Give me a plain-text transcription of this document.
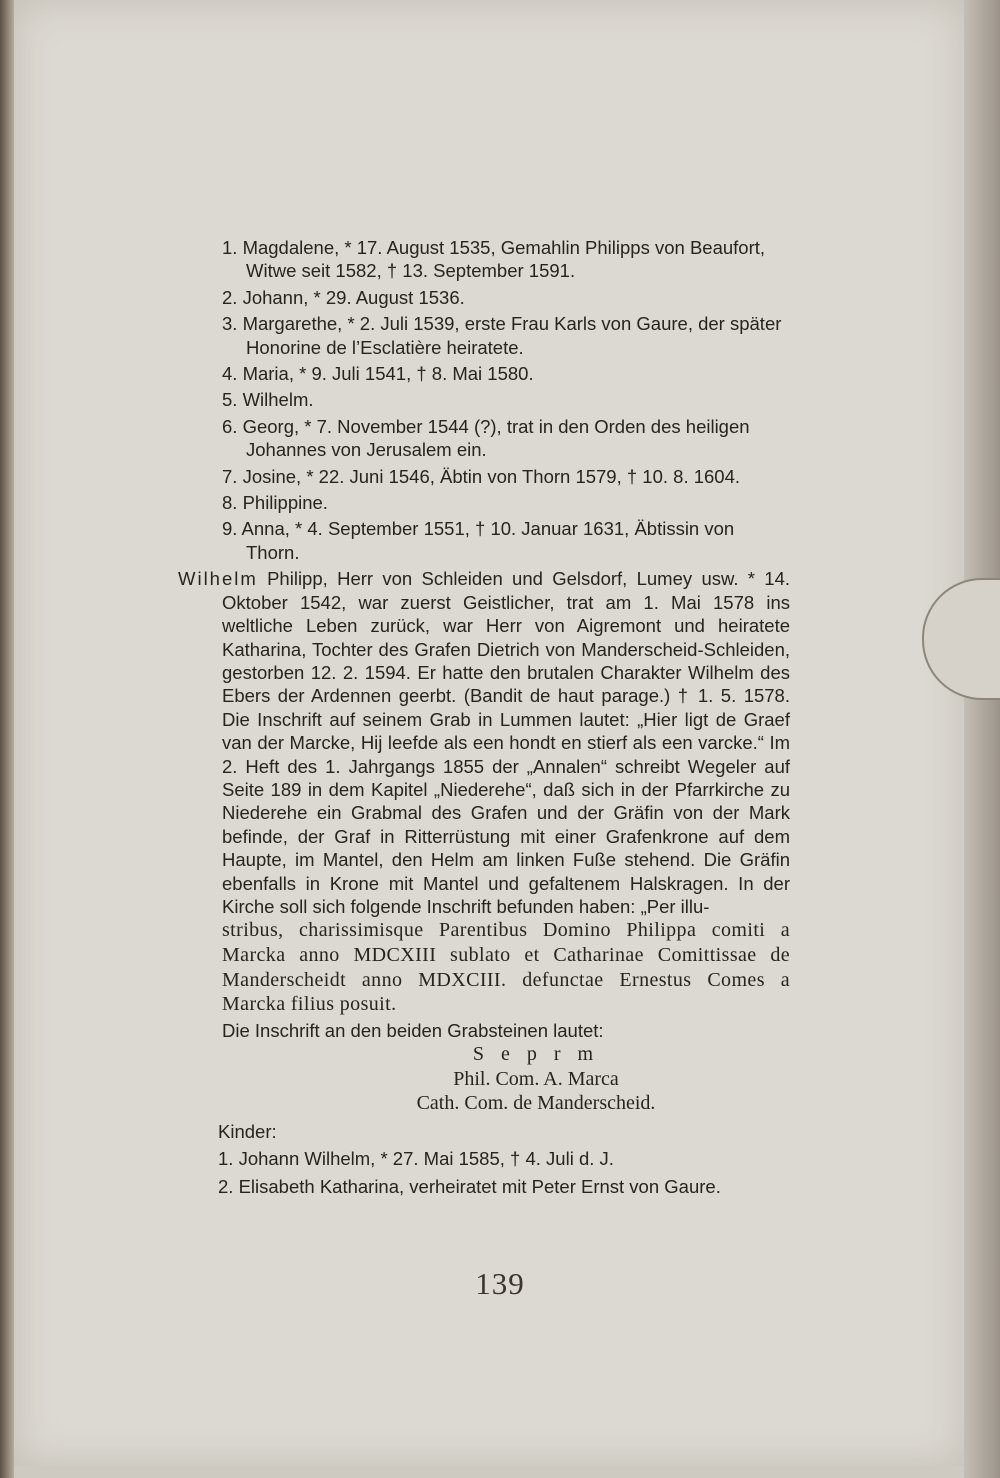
1. Magdalene, * 17. August 1535, Gemahlin Philipps von Beaufort, Witwe seit 1582, † 13. September 1591.
2. Johann, * 29. August 1536.
3. Margarethe, * 2. Juli 1539, erste Frau Karls von Gaure, der später Honorine de l’Esclatière heiratete.
4. Maria, * 9. Juli 1541, † 8. Mai 1580.
5. Wilhelm.
6. Georg, * 7. November 1544 (?), trat in den Orden des heiligen Johannes von Jerusalem ein.
7. Josine, * 22. Juni 1546, Äbtin von Thorn 1579, † 10. 8. 1604.
8. Philippine.
9. Anna, * 4. September 1551, † 10. Januar 1631, Äbtissin von Thorn.
Wilhelm Philipp, Herr von Schleiden und Gelsdorf, Lumey usw. * 14. Oktober 1542, war zuerst Geistlicher, trat am 1. Mai 1578 ins weltliche Leben zurück, war Herr von Aigremont und heiratete Katharina, Tochter des Grafen Dietrich von Manderscheid-Schleiden, gestorben 12. 2. 1594. Er hatte den brutalen Charakter Wilhelm des Ebers der Ardennen geerbt. (Bandit de haut parage.) † 1. 5. 1578. Die Inschrift auf seinem Grab in Lummen lautet: „Hier ligt de Graef van der Marcke, Hij leefde als een hondt en stierf als een varcke.“ Im 2. Heft des 1. Jahrgangs 1855 der „Annalen“ schreibt Wegeler auf Seite 189 in dem Kapitel „Niederehe“, daß sich in der Pfarrkirche zu Niederehe ein Grabmal des Grafen und der Gräfin von der Mark befinde, der Graf in Ritterrüstung mit einer Grafenkrone auf dem Haupte, im Mantel, den Helm am linken Fuße stehend. Die Gräfin ebenfalls in Krone mit Mantel und gefaltenem Halskragen. In der Kirche soll sich folgende Inschrift befunden haben: „Per illu-
stribus, charissimisque Parentibus Domino Philippa comiti a Marcka anno MDCXIII sublato et Catharinae Comittissae de Manderscheidt anno MDXCIII. defunctae Ernestus Comes a Marcka filius posuit.
Die Inschrift an den beiden Grabsteinen lautet:
S e p r m
Phil. Com. A. Marca
Cath. Com. de Manderscheid.
Kinder:
1. Johann Wilhelm, * 27. Mai 1585, † 4. Juli d. J.
2. Elisabeth Katharina, verheiratet mit Peter Ernst von Gaure.
139
